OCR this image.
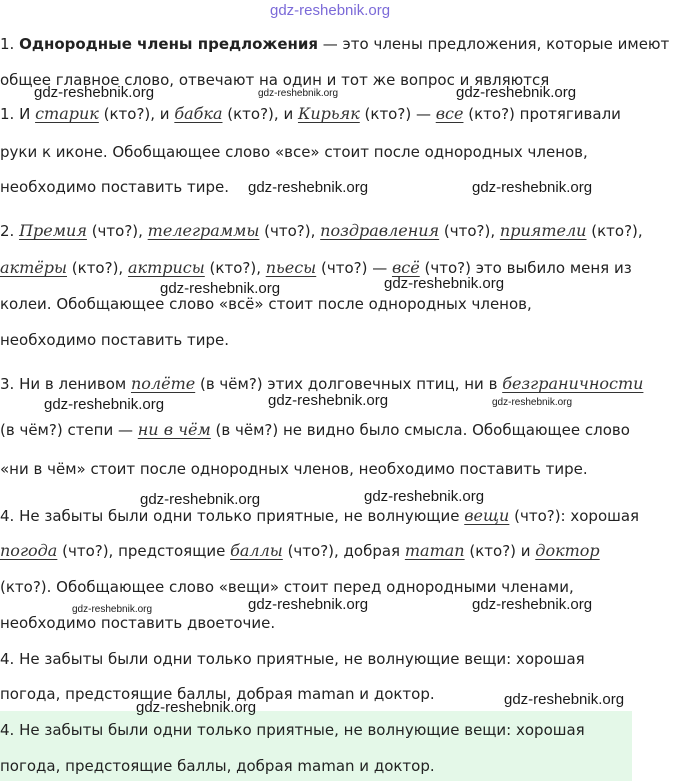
gdz-reshebnik.org
1. Однородные члены предложения — это члены предложения, которые имеют
общее главное слово, отвечают на один и тот же вопрос и являются
1. И старик (кто?), и бабка (кто?), и Кирьяк (кто?) — все (кто?) протягивали
руки к иконе. Обобщающее слово «все» стоит после однородных членов,
необходимо поставить тире.
2. Премия (что?), телеграммы (что?), поздравления (что?), приятели (кто?),
актёры (кто?), актрисы (кто?), пьесы (что?) — всё (что?) это выбило меня из
колеи. Обобщающее слово «всё» стоит после однородных членов,
необходимо поставить тире.
3. Ни в ленивом полёте (в чём?) этих долговечных птиц, ни в безграничности
(в чём?) степи — ни в чём (в чём?) не видно было смысла. Обобщающее слово
«ни в чём» стоит после однородных членов, необходимо поставить тире.
4. Не забыты были одни только приятные, не волнующие вещи (что?): хорошая
погода (что?), предстоящие баллы (что?), добрая mатап (кто?) и доктор
(кто?). Обобщающее слово «вещи» стоит перед однородными членами,
необходимо поставить двоеточие.
4. Не забыты были одни только приятные, не волнующие вещи: хорошая
погода, предстоящие баллы, добрая maman и доктор.
4. Не забыты были одни только приятные, не волнующие вещи: хорошая
погода, предстоящие баллы, добрая maman и доктор.
gdz-reshebnik.org	gdz-reshebnik.org	gdz-reshebnik.org
gdz-reshebnik.org	gdz-reshebnik.org
gdz-reshebnik.org	gdz-reshebnik.org
gdz-reshebnik.org	gdz-reshebnik.org	gdz-reshebnik.org
gdz-reshebnik.org	gdz-reshebnik.org
gdz-reshebnik.org	gdz-reshebnik.org	gdz-reshebnik.org
gdz-reshebnik.org	gdz-reshebnik.org
